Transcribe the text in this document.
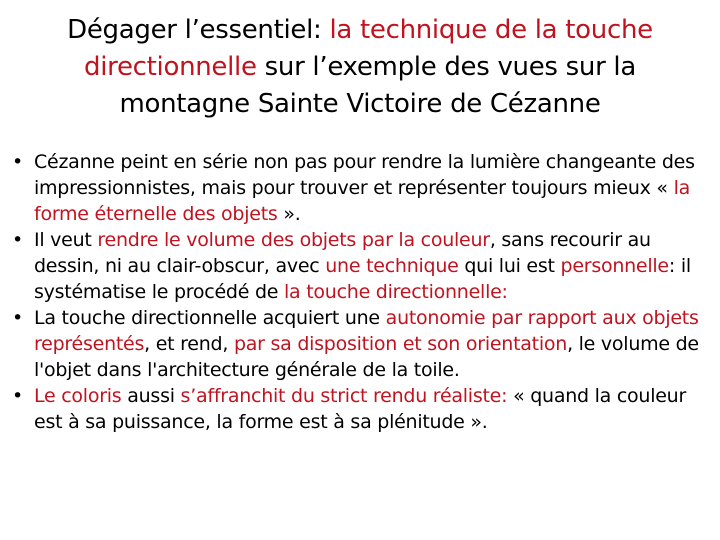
Dégager l’essentiel: la technique de la touche directionnelle sur l’exemple des vues sur la montagne Sainte Victoire de Cézanne
• Cézanne peint en série non pas pour rendre la lumière changeante des impressionnistes, mais pour trouver et représenter toujours mieux « la forme éternelle des objets ».
• Il veut rendre le volume des objets par la couleur, sans recourir au dessin, ni au clair-obscur, avec une technique qui lui est personnelle: il systématise le procédé de la touche directionnelle:
• La touche directionnelle acquiert une autonomie par rapport aux objets représentés, et rend, par sa disposition et son orientation, le volume de l'objet dans l'architecture générale de la toile.
• Le coloris aussi s’affranchit du strict rendu réaliste: « quand la couleur est à sa puissance, la forme est à sa plénitude ».
